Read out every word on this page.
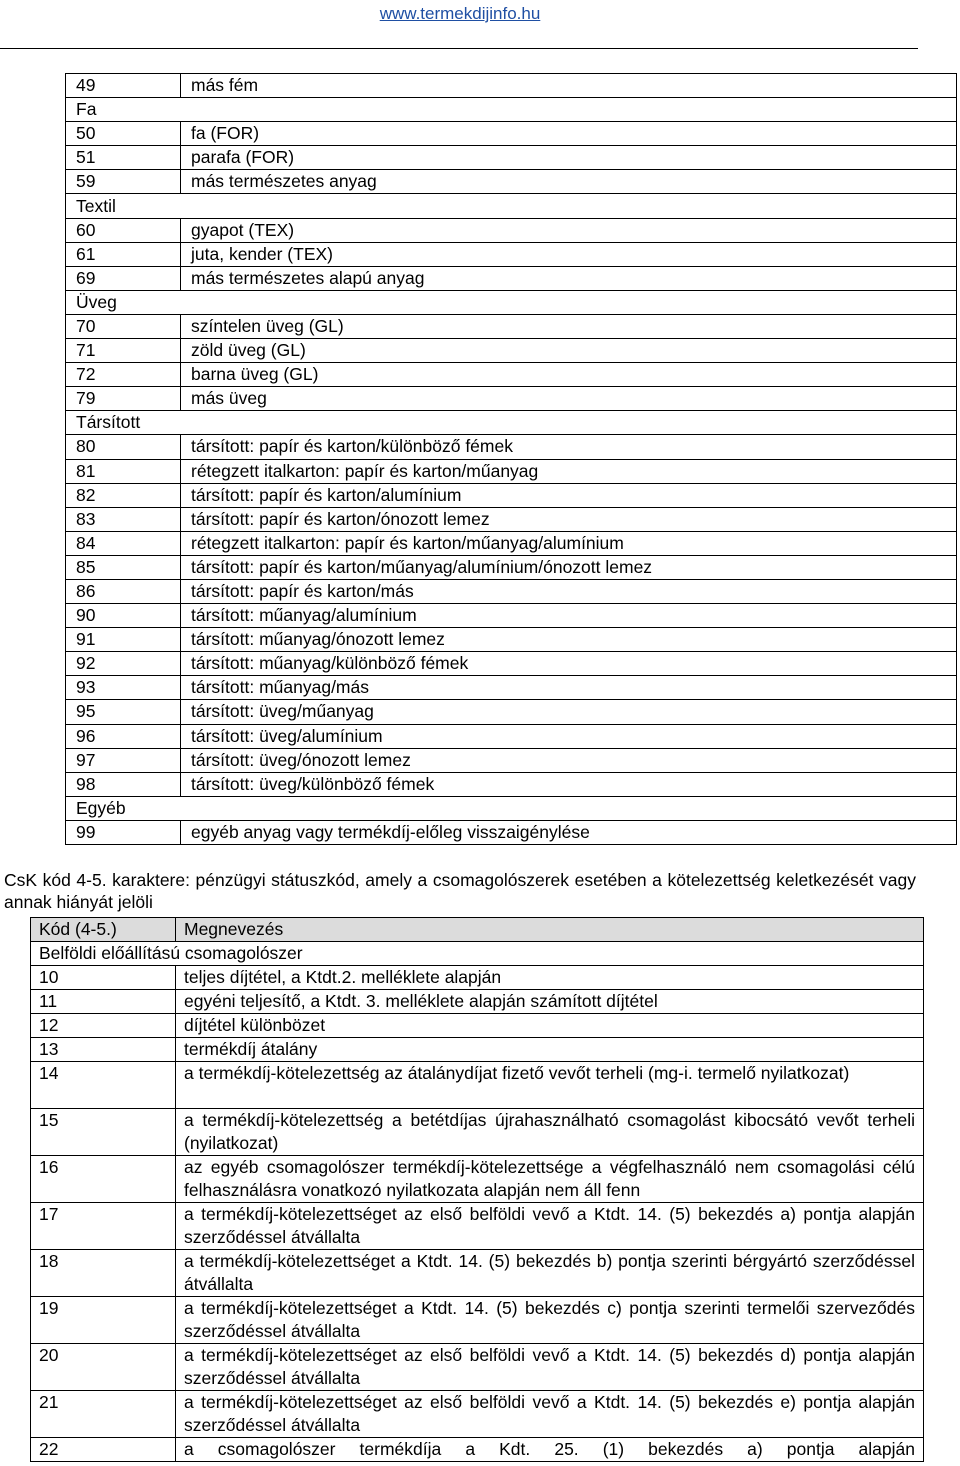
www.termekdijinfo.hu
49	más fém
Fa	
50	fa (FOR)
51	parafa (FOR)
59	más természetes anyag
Textil	
60	gyapot (TEX)
61	juta, kender (TEX)
69	más természetes alapú anyag
Üveg	
70	színtelen üveg (GL)
71	zöld üveg (GL)
72	barna üveg (GL)
79	más üveg
Társított	
80	társított: papír és karton/különböző fémek
81	rétegzett italkarton: papír és karton/műanyag
82	társított: papír és karton/alumínium
83	társított: papír és karton/ónozott lemez
84	rétegzett italkarton: papír és karton/műanyag/alumínium
85	társított: papír és karton/műanyag/alumínium/ónozott lemez
86	társított: papír és karton/más
90	társított: műanyag/alumínium
91	társított: műanyag/ónozott lemez
92	társított: műanyag/különböző fémek
93	társított: műanyag/más
95	társított: üveg/műanyag
96	társított: üveg/alumínium
97	társított: üveg/ónozott lemez
98	társított: üveg/különböző fémek
Egyéb	
99	egyéb anyag vagy termékdíj-előleg visszaigénylése
CsK kód 4-5. karaktere: pénzügyi státuszkód, amely a csomagolószerek esetében a kötelezettség keletkezését vagy annak hiányát jelöli
Kód (4-5.)	Megnevezés
Belföldi előállítású csomagolószer	
10	teljes díjtétel, a Ktdt.2. melléklete alapján
11	egyéni teljesítő, a Ktdt. 3. melléklete alapján számított díjtétel
12	díjtétel különbözet
13	termékdíj átalány
14	a termékdíj-kötelezettség az átalánydíjat fizető vevőt terheli (mg-i. termelő nyilatkozat)
15	a termékdíj-kötelezettség a betétdíjas újrahasználható csomagolást kibocsátó vevőt terheli (nyilatkozat)
16	az egyéb csomagolószer termékdíj-kötelezettsége a végfelhasználó nem csomagolási célú felhasználásra vonatkozó nyilatkozata alapján nem áll fenn
17	a termékdíj-kötelezettséget az első belföldi vevő a Ktdt. 14. (5) bekezdés a) pontja alapján szerződéssel átvállalta
18	a termékdíj-kötelezettséget a Ktdt. 14. (5) bekezdés b) pontja szerinti bérgyártó szerződéssel átvállalta
19	a termékdíj-kötelezettséget a Ktdt. 14. (5) bekezdés c) pontja szerinti termelői szerveződés szerződéssel átvállalta
20	a termékdíj-kötelezettséget az első belföldi vevő a Ktdt. 14. (5) bekezdés d) pontja alapján szerződéssel átvállalta
21	a termékdíj-kötelezettséget az első belföldi vevő a Ktdt. 14. (5) bekezdés e) pontja alapján szerződéssel átvállalta
22	a csomagolószer termékdíja a Kdt. 25. (1) bekezdés a) pontja alapján
